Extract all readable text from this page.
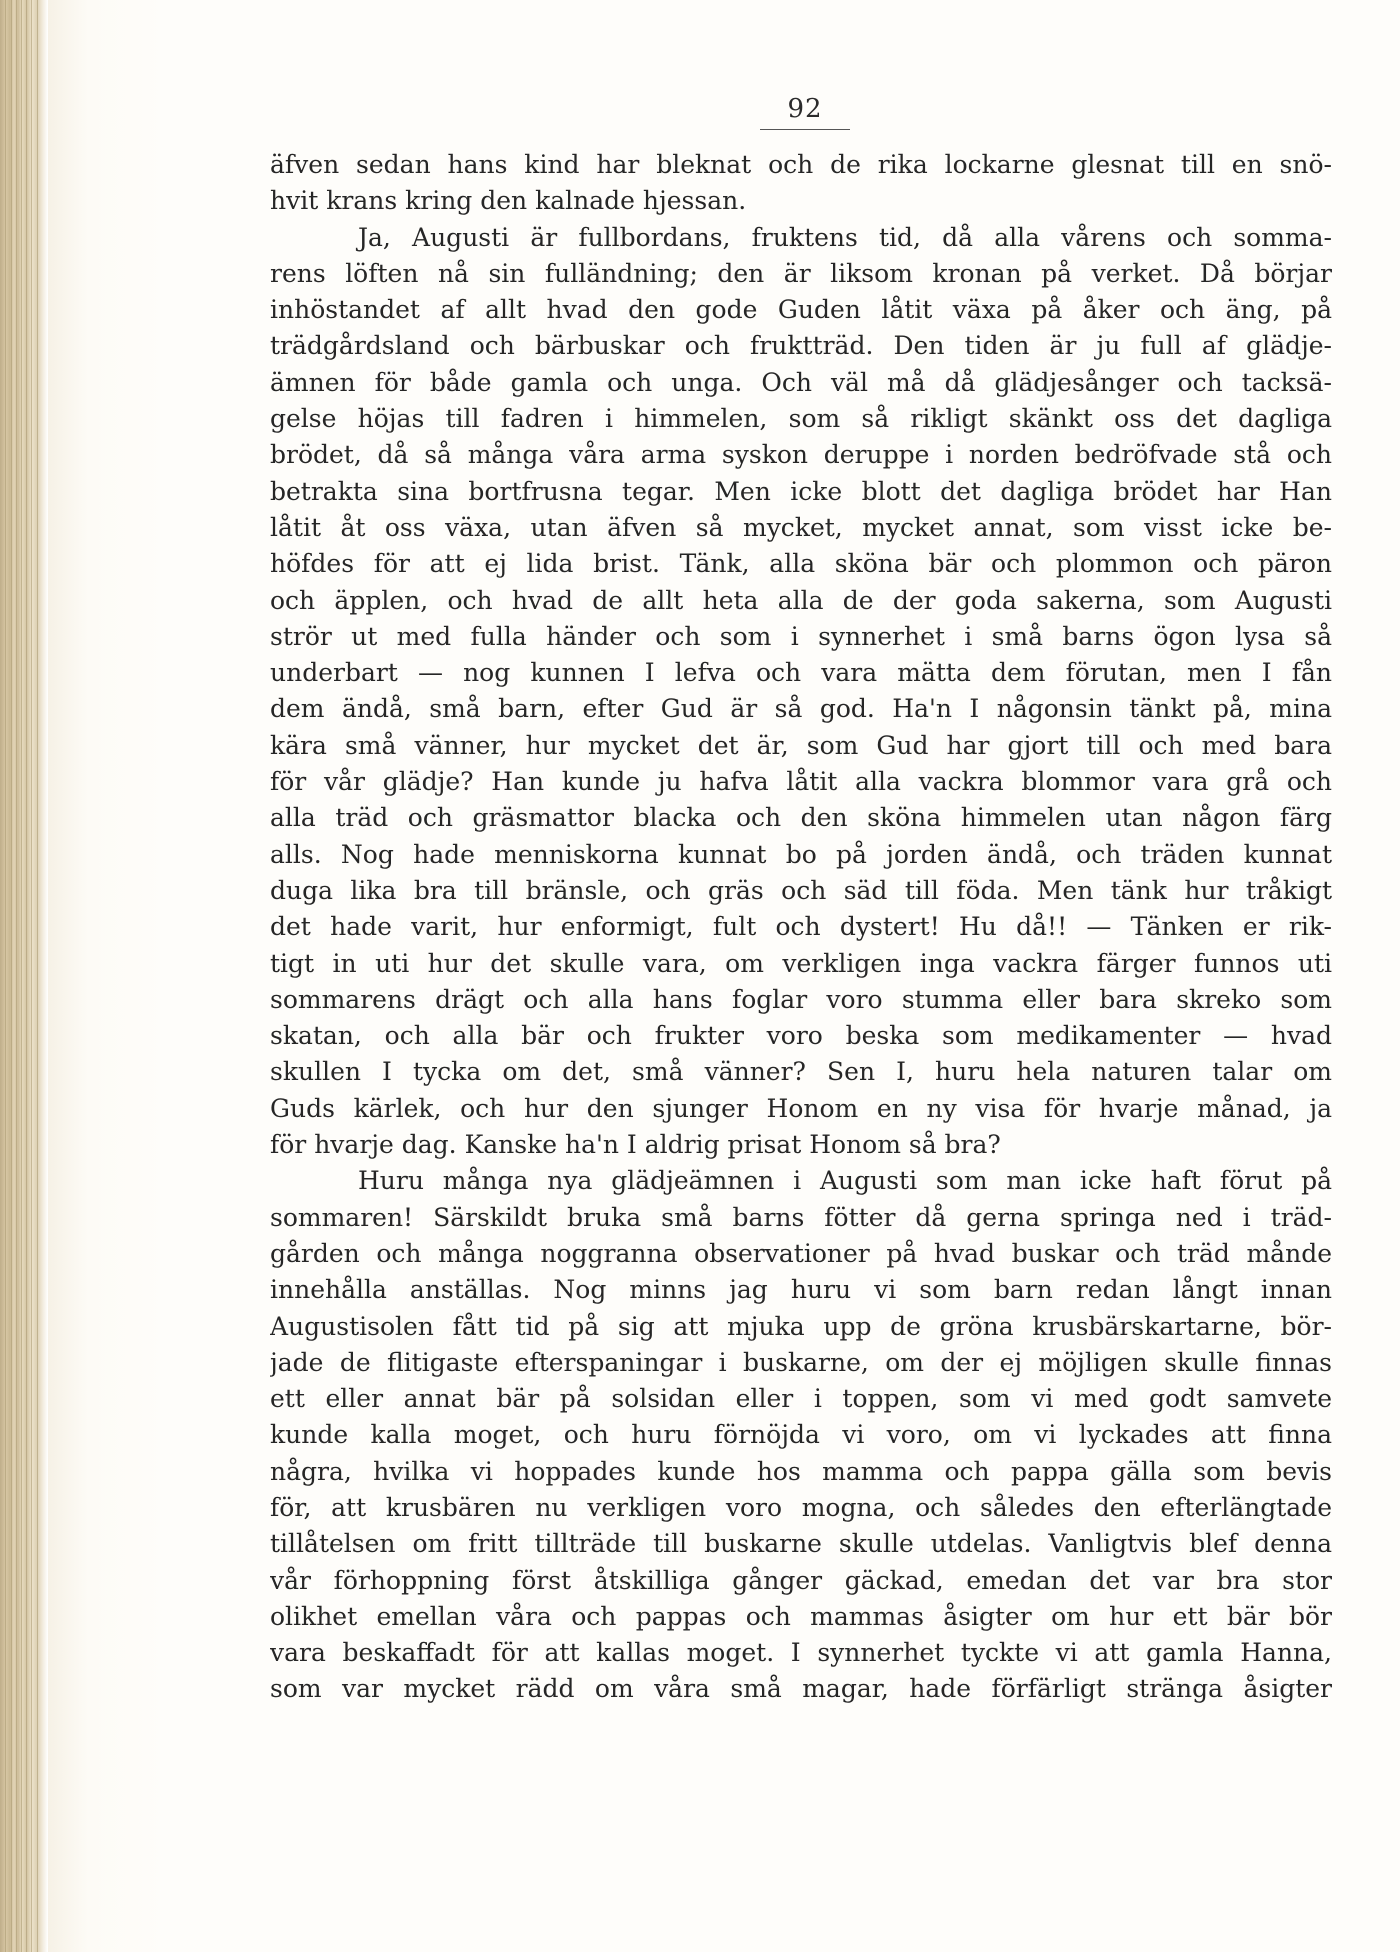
92
äfven sedan hans kind har bleknat och de rika lockarne glesnat till en snö-
hvit krans kring den kalnade hjessan.
Ja, Augusti är fullbordans, fruktens tid, då alla vårens och somma-
rens löften nå sin fulländning; den är liksom kronan på verket. Då börjar
inhöstandet af allt hvad den gode Guden låtit växa på åker och äng, på
trädgårdsland och bärbuskar och fruktträd. Den tiden är ju full af glädje-
ämnen för både gamla och unga. Och väl må då glädjesånger och tacksä-
gelse höjas till fadren i himmelen, som så rikligt skänkt oss det dagliga
brödet, då så många våra arma syskon deruppe i norden bedröfvade stå och
betrakta sina bortfrusna tegar. Men icke blott det dagliga brödet har Han
låtit åt oss växa, utan äfven så mycket, mycket annat, som visst icke be-
höfdes för att ej lida brist. Tänk, alla sköna bär och plommon och päron
och äpplen, och hvad de allt heta alla de der goda sakerna, som Augusti
strör ut med fulla händer och som i synnerhet i små barns ögon lysa så
underbart — nog kunnen I lefva och vara mätta dem förutan, men I fån
dem ändå, små barn, efter Gud är så god. Ha'n I någonsin tänkt på, mina
kära små vänner, hur mycket det är, som Gud har gjort till och med bara
för vår glädje? Han kunde ju hafva låtit alla vackra blommor vara grå och
alla träd och gräsmattor blacka och den sköna himmelen utan någon färg
alls. Nog hade menniskorna kunnat bo på jorden ändå, och träden kunnat
duga lika bra till bränsle, och gräs och säd till föda. Men tänk hur tråkigt
det hade varit, hur enformigt, fult och dystert! Hu då!! — Tänken er rik-
tigt in uti hur det skulle vara, om verkligen inga vackra färger funnos uti
sommarens drägt och alla hans foglar voro stumma eller bara skreko som
skatan, och alla bär och frukter voro beska som medikamenter — hvad
skullen I tycka om det, små vänner? Sen I, huru hela naturen talar om
Guds kärlek, och hur den sjunger Honom en ny visa för hvarje månad, ja
för hvarje dag. Kanske ha'n I aldrig prisat Honom så bra?
Huru många nya glädjeämnen i Augusti som man icke haft förut på
sommaren! Särskildt bruka små barns fötter då gerna springa ned i träd-
gården och många noggranna observationer på hvad buskar och träd månde
innehålla anställas. Nog minns jag huru vi som barn redan långt innan
Augustisolen fått tid på sig att mjuka upp de gröna krusbärskartarne, bör-
jade de flitigaste efterspaningar i buskarne, om der ej möjligen skulle finnas
ett eller annat bär på solsidan eller i toppen, som vi med godt samvete
kunde kalla moget, och huru förnöjda vi voro, om vi lyckades att finna
några, hvilka vi hoppades kunde hos mamma och pappa gälla som bevis
för, att krusbären nu verkligen voro mogna, och således den efterlängtade
tillåtelsen om fritt tillträde till buskarne skulle utdelas. Vanligtvis blef denna
vår förhoppning först åtskilliga gånger gäckad, emedan det var bra stor
olikhet emellan våra och pappas och mammas åsigter om hur ett bär bör
vara beskaffadt för att kallas moget. I synnerhet tyckte vi att gamla Hanna,
som var mycket rädd om våra små magar, hade förfärligt stränga åsigter
